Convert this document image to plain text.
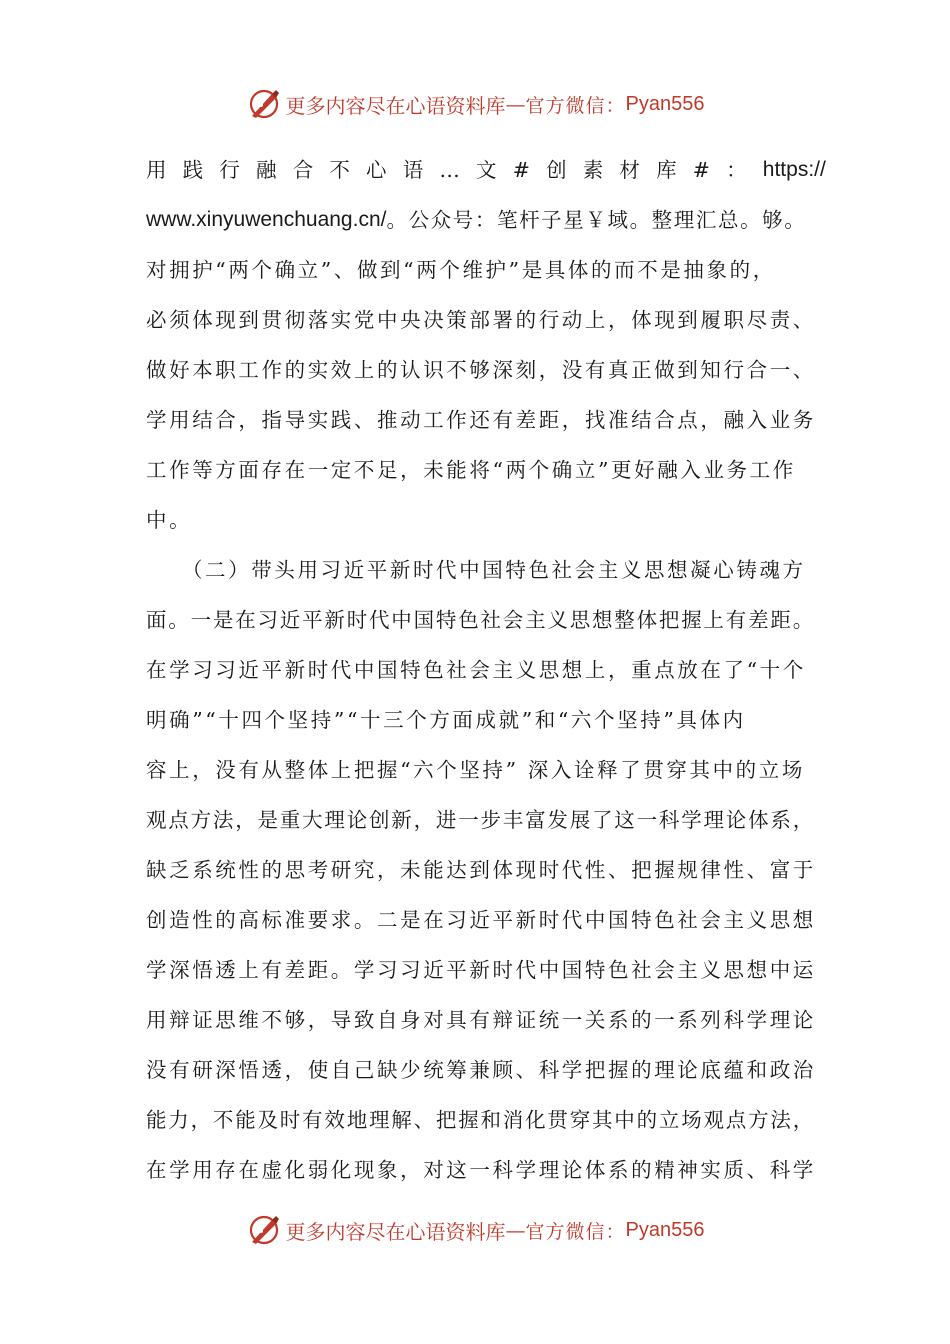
更多内容尽在心语资料库 — 官方微信： Pyan556
用 践 行 融 合 不 心 语 … 文 # 创 素 材 库 # ： https://
www.xinyuwenchuang.cn/ 。公众号：笔杆子星￥域。整理汇总。够。
对拥护“两个确立”、做到“两个维护”是具体的而不是抽象的，
必须体现到贯彻落实党中央决策部署的行动上，体现到履职尽责、
做好本职工作的实效上的认识不够深刻，没有真正做到知行合一、
学用结合，指导实践、推动工作还有差距，找准结合点，融入业务
工作等方面存在一定不足，未能将“两个确立”更好融入业务工作
中。
　　（二）带头用习近平新时代中国特色社会主义思想凝心铸魂方
面。一是在习近平新时代中国特色社会主义思想整体把握上有差距。
在学习习近平新时代中国特色社会主义思想上，重点放在了“十个
明确”“十四个坚持”“十三个方面成就”和“六个坚持”具体内
容上，没有从整体上把握“六个坚持” 深入诠释了贯穿其中的立场
观点方法，是重大理论创新，进一步丰富发展了这一科学理论体系，
缺乏系统性的思考研究，未能达到体现时代性、把握规律性、富于
创造性的高标准要求。二是在习近平新时代中国特色社会主义思想
学深悟透上有差距。学习习近平新时代中国特色社会主义思想中运
用辩证思维不够，导致自身对具有辩证统一关系的一系列科学理论
没有研深悟透，使自己缺少统筹兼顾、科学把握的理论底蕴和政治
能力，不能及时有效地理解、把握和消化贯穿其中的立场观点方法，
在学用存在虚化弱化现象，对这一科学理论体系的精神实质、科学
更多内容尽在心语资料库 — 官方微信： Pyan556
